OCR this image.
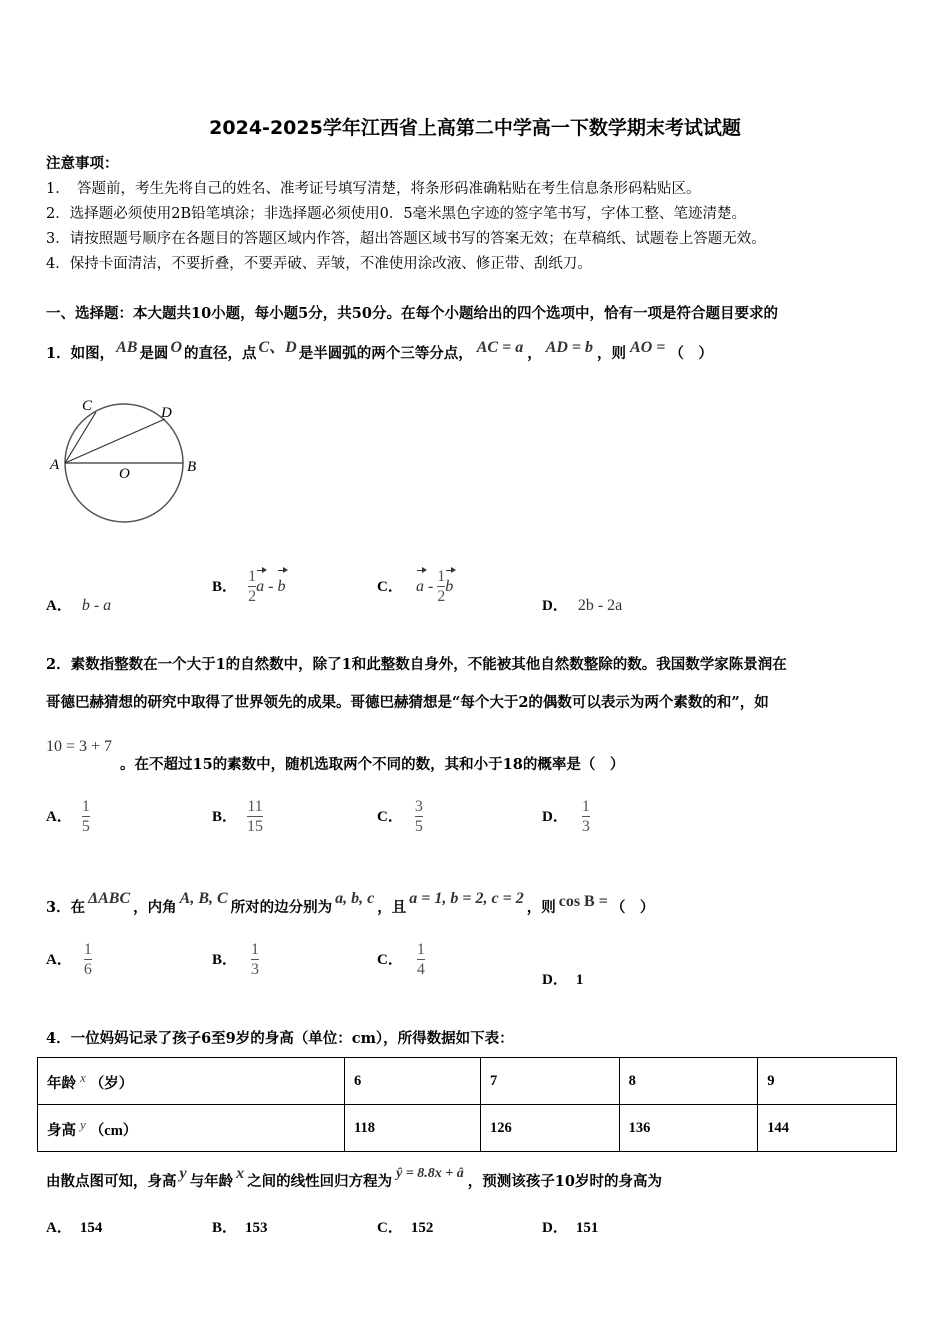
2024-2025学年江西省上高第二中学高一下数学期末考试试题
注意事项：
1．　答题前，考生先将自己的姓名、准考证号填写清楚，将条形码准确粘贴在考生信息条形码粘贴区。
2．选择题必须使用2B铅笔填涂；非选择题必须使用0．5毫米黑色字迹的签字笔书写，字体工整、笔迹清楚。
3．请按照题号顺序在各题目的答题区域内作答，超出答题区域书写的答案无效；在草稿纸、试题卷上答题无效。
4．保持卡面清洁，不要折叠，不要弄破、弄皱，不准使用涂改液、修正带、刮纸刀。
一、选择题：本大题共10小题，每小题5分，共50分。在每个小题给出的四个选项中，恰有一项是符合题目要求的
1．如图， AB 是圆 O 的直径，点 C、D 是半圆弧的两个三等分点， AC = a ， AD = b ，则 AO = （　）
A	B
C	D
O
A． b - a
B． $\frac{1}{2}$ a - b	C． a - $\frac{1}{2}$ b
D． 2b - 2a
2．素数指整数在一个大于1的自然数中，除了1和此整数自身外，不能被其他自然数整除的数。我国数学家陈景润在
哥德巴赫猜想的研究中取得了世界领先的成果。哥德巴赫猜想是“每个大于2的偶数可以表示为两个素数的和”，如
10 = 3 + 7
。在不超过15的素数中，随机选取两个不同的数，其和小于18的概率是（　）
A． $\frac{1}{5}$	B． $\frac{11}{15}$	C． $\frac{3}{5}$	D． $\frac{1}{3}$
3．在ΔABC，内角A, B, C所对的边分别为a, b, c，且a = 1, b = 2, c = 2，则 cos B = （　）
A． $\frac{1}{6}$	B． $\frac{1}{3}$	C． $\frac{1}{4}$
D． 1
4．一位妈妈记录了孩子6至9岁的身高（单位：cm），所得数据如下表：
年龄 $^x$ （岁）	6	7	8	9
身高 $^y$ （cm）	118	126	136	144
由散点图可知，身高 y 与年龄 x 之间的线性回归方程为 ŷ = 8.8x + â ，预测该孩子10岁时的身高为
A． 154	B． 153	C． 152	D． 151
